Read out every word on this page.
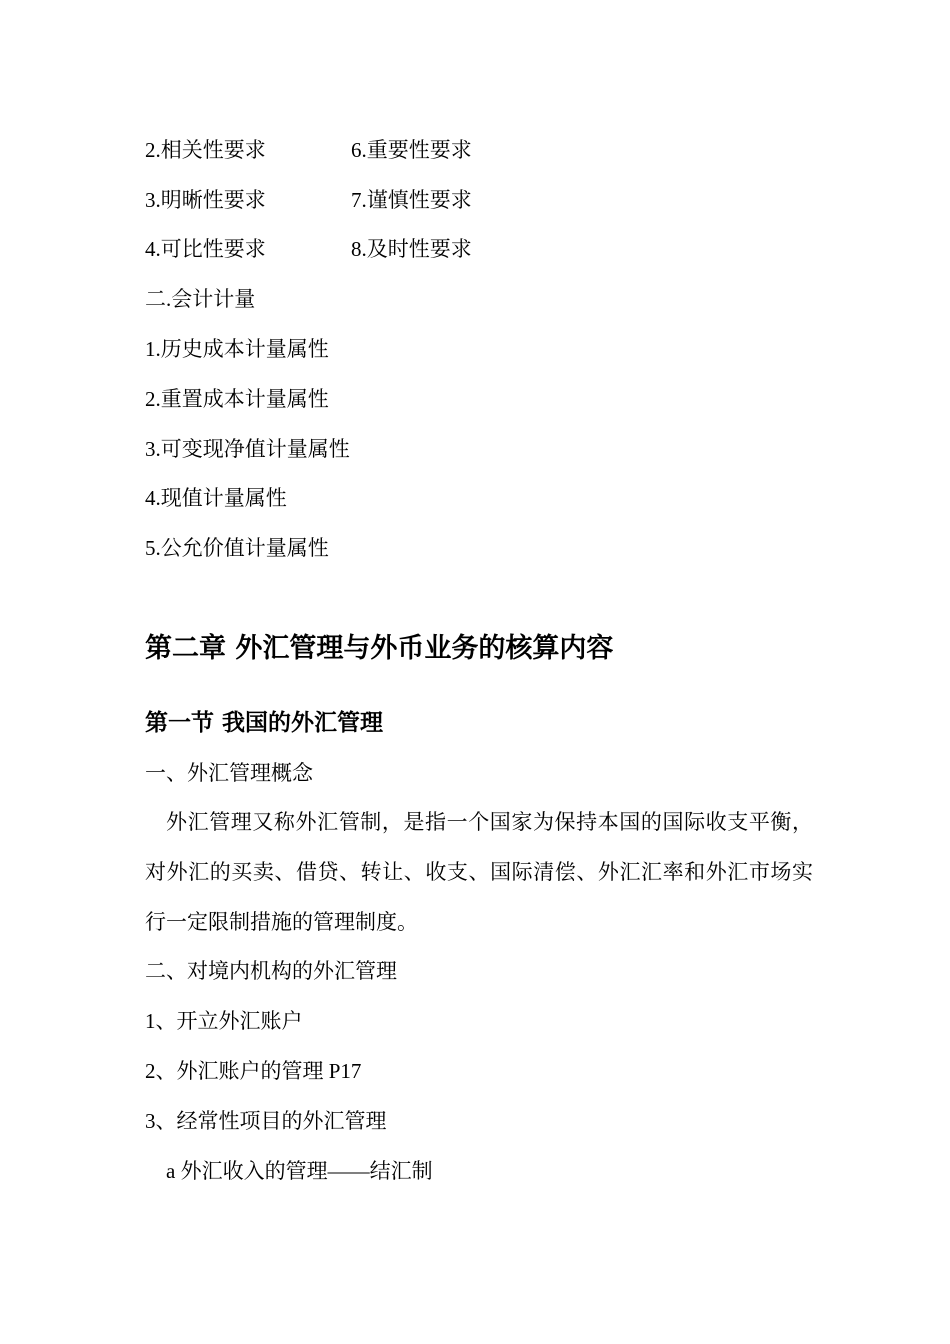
2.相关性要求	6.重要性要求
3.明晰性要求	7.谨慎性要求
4.可比性要求	8.及时性要求
二.会计计量
1.历史成本计量属性
2.重置成本计量属性
3.可变现净值计量属性
4.现值计量属性
5.公允价值计量属性
第二章 外汇管理与外币业务的核算内容
第一节 我国的外汇管理
一、外汇管理概念
外汇管理又称外汇管制，是指一个国家为保持本国的国际收支平衡，对外汇的买卖、借贷、转让、收支、国际清偿、外汇汇率和外汇市场实行一定限制措施的管理制度。
二、对境内机构的外汇管理
1、开立外汇账户
2、外汇账户的管理 P17
3、经常性项目的外汇管理
a 外汇收入的管理——结汇制
